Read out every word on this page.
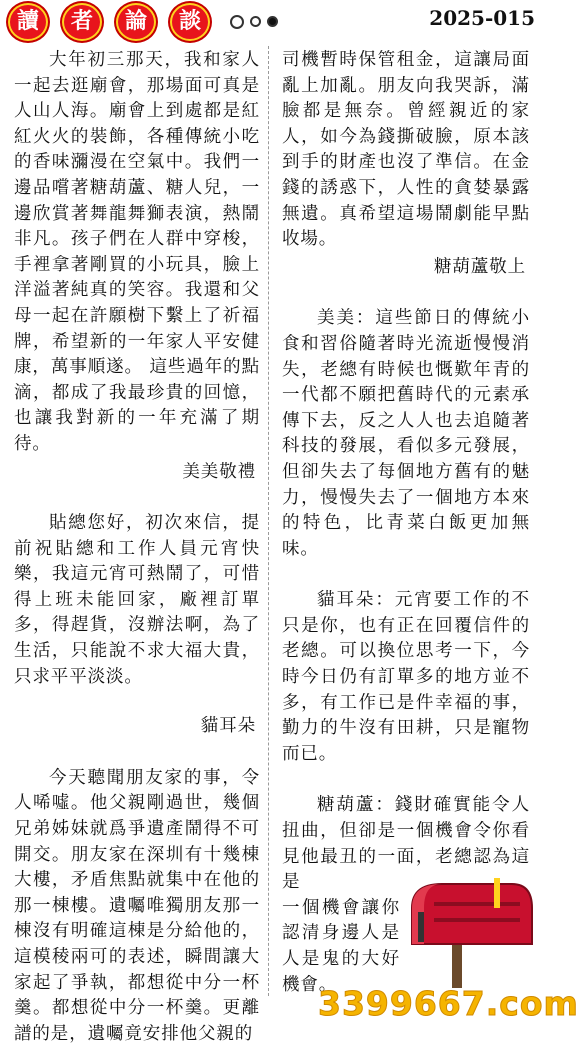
讀	者	論	談	2025-015

大年初三那天，我和家人一起去逛廟會，那場面可真是人山人海。廟會上到處都是紅紅火火的裝飾，各種傳統小吃的香味瀰漫在空氣中。我們一邊品嚐著糖葫蘆、糖人兒，一邊欣賞著舞龍舞獅表演，熱鬧非凡。孩子們在人群中穿梭，手裡拿著剛買的小玩具，臉上洋溢著純真的笑容。我還和父母一起在許願樹下繫上了祈福牌，希望新的一年家人平安健康，萬事順遂。 這些過年的點滴，都成了我最珍貴的回憶，也讓我對新的一年充滿了期待。

美美敬禮

貼總您好，初次來信，提前祝貼總和工作人員元宵快樂，我這元宵可熱鬧了，可惜得上班未能回家，廠裡訂單多，得趕貨，沒辦法啊，為了生活，只能說不求大福大貴，只求平平淡淡。

貓耳朵

今天聽聞朋友家的事，令人唏噓。他父親剛過世，幾個兄弟姊妹就爲爭遺產鬧得不可開交。朋友家在深圳有十幾棟大樓，矛盾焦點就集中在他的那一棟樓。遺囑唯獨朋友那一棟沒有明確這棟是分給他的，這模稜兩可的表述，瞬間讓大家起了爭執，都想從中分一杯羹。都想從中分一杯羹。更離譜的是，遺囑竟安排他父親的

司機暫時保管租金，這讓局面亂上加亂。朋友向我哭訴，滿臉都是無奈。曾經親近的家人，如今為錢撕破臉，原本該到手的財產也沒了準信。在金錢的誘惑下，人性的貪婪暴露無遺。真希望這場鬧劇能早點收場。

糖葫蘆敬上

美美：這些節日的傳統小食和習俗隨著時光流逝慢慢消失，老總有時候也慨歎年青的一代都不願把舊時代的元素承傳下去，反之人人也去追隨著科技的發展，看似多元發展，但卻失去了每個地方舊有的魅力，慢慢失去了一個地方本來的特色，比青菜白飯更加無味。

貓耳朵：元宵要工作的不只是你，也有正在回覆信件的老總。可以換位思考一下，今時今日仍有訂單多的地方並不多，有工作已是件幸福的事，勤力的牛沒有田耕，只是寵物而已。

糖葫蘆：錢財確實能令人扭曲，但卻是一個機會令你看見他最丑的一面，老總認為這是

一個機會讓你認清身邊人是人是鬼的大好機會。

3399667.com
